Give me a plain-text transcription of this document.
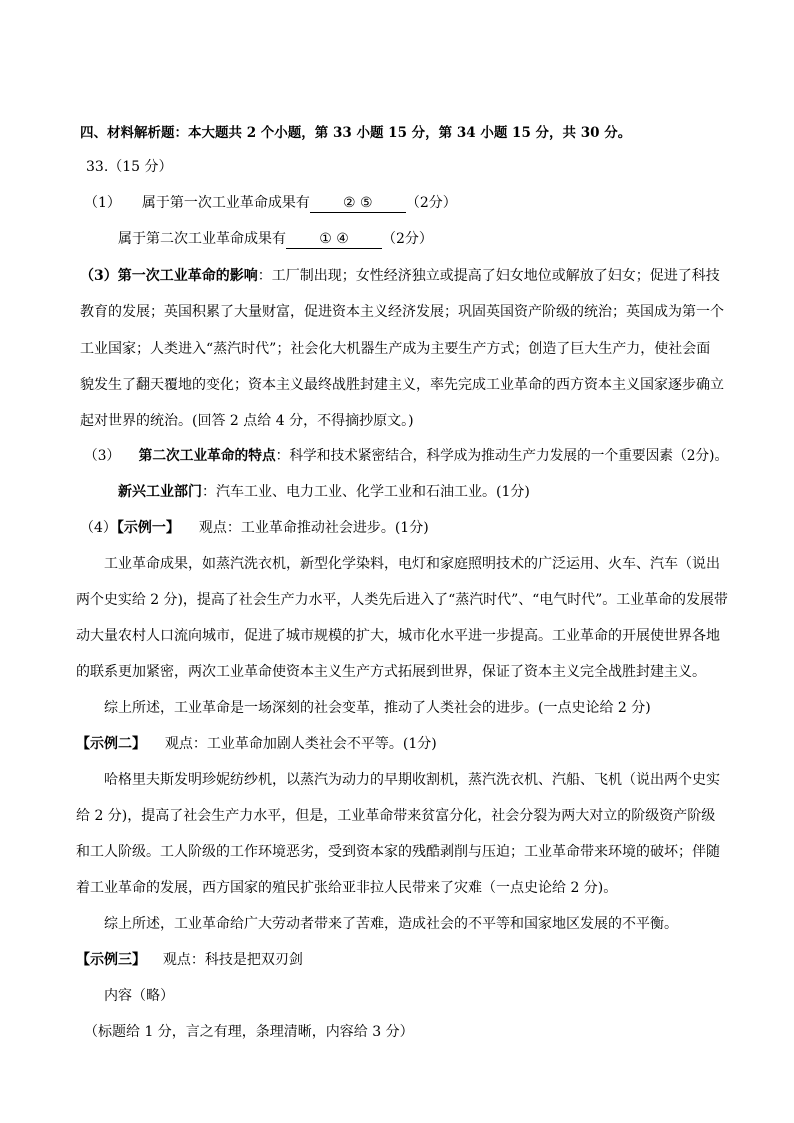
四、材料解析题：本大题共 2 个小题，第 33 小题 15 分，第 34 小题 15 分，共 30 分。
33.（15 分）
（1） 属于第一次工业革命成果有 ② ⑤ （2分）
属于第二次工业革命成果有 ① ④ （2分）
（3）第一次工业革命的影响：工厂制出现；女性经济独立或提高了妇女地位或解放了妇女；促进了科技
教育的发展；英国积累了大量财富，促进资本主义经济发展；巩固英国资产阶级的统治；英国成为第一个
工业国家；人类进入“蒸汽时代”；社会化大机器生产成为主要生产方式；创造了巨大生产力，使社会面
貌发生了翻天覆地的变化；资本主义最终战胜封建主义，率先完成工业革命的西方资本主义国家逐步确立
起对世界的统治。(回答 2 点给 4 分，不得摘抄原文。)
（3） 第二次工业革命的特点：科学和技术紧密结合，科学成为推动生产力发展的一个重要因素（2分)。
新兴工业部门：汽车工业、电力工业、化学工业和石油工业。(1分)
（4）【示例一】 观点：工业革命推动社会进步。(1分)
工业革命成果，如蒸汽洗衣机，新型化学染料，电灯和家庭照明技术的广泛运用、火车、汽车（说出
两个史实给 2 分)，提高了社会生产力水平，人类先后进入了“蒸汽时代”、“电气时代”。工业革命的发展带
动大量农村人口流向城市，促进了城市规模的扩大，城市化水平进一步提高。工业革命的开展使世界各地
的联系更加紧密，两次工业革命使资本主义生产方式拓展到世界，保证了资本主义完全战胜封建主义。
综上所述，工业革命是一场深刻的社会变革，推动了人类社会的进步。(一点史论给 2 分)
【示例二】 观点：工业革命加剧人类社会不平等。(1分)
哈格里夫斯发明珍妮纺纱机，以蒸汽为动力的早期收割机，蒸汽洗衣机、汽船、飞机（说出两个史实
给 2 分)，提高了社会生产力水平，但是，工业革命带来贫富分化，社会分裂为两大对立的阶级资产阶级
和工人阶级。工人阶级的工作环境恶劣，受到资本家的残酷剥削与压迫；工业革命带来环境的破坏；伴随
着工业革命的发展，西方国家的殖民扩张给亚非拉人民带来了灾难（一点史论给 2 分)。
综上所述，工业革命给广大劳动者带来了苦难，造成社会的不平等和国家地区发展的不平衡。
【示例三】 观点：科技是把双刃剑
内容（略）
（标题给 1 分，言之有理，条理清晰，内容给 3 分）
